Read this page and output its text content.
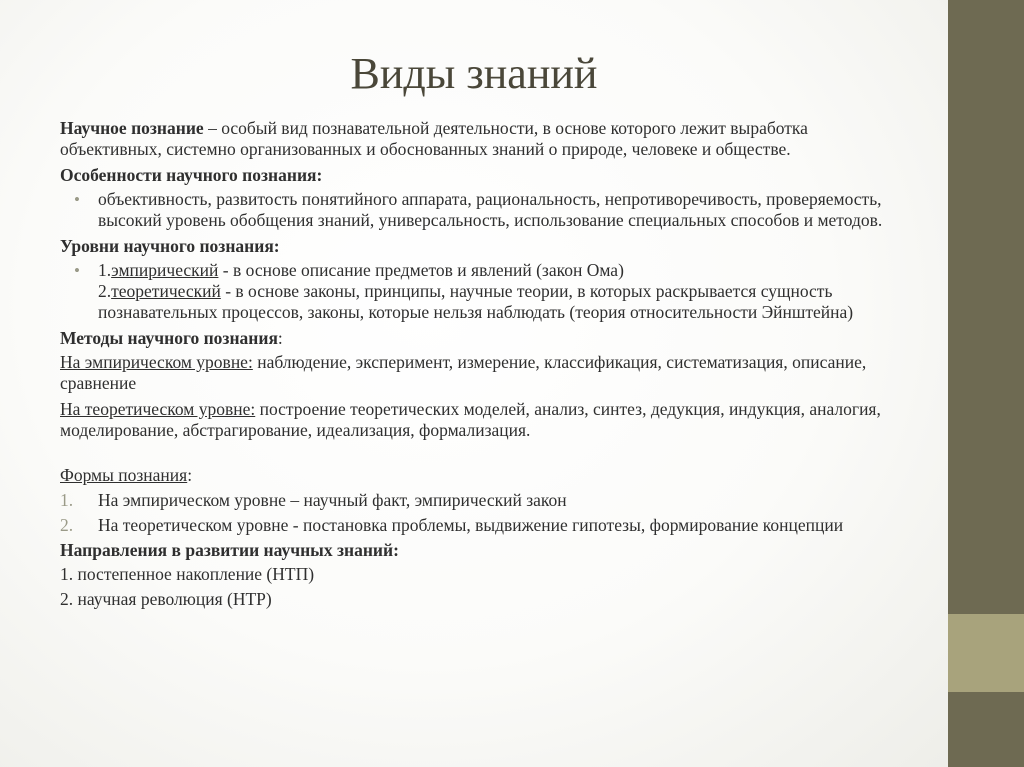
Виды знаний

Научное познание – особый вид познавательной деятельности, в основе которого лежит выработка объективных, системно организованных и обоснованных знаний о природе, человеке и обществе.

Особенности научного познания:

• объективность, развитость понятийного аппарата, рациональность, непротиворечивость, проверяемость, высокий уровень обобщения знаний, универсальность, использование специальных способов и методов.

Уровни научного познания:

• 1.эмпирический - в основе описание предметов и явлений (закон Ома)
2.теоретический - в основе законы, принципы, научные теории, в которых раскрывается сущность познавательных процессов, законы, которые нельзя наблюдать (теория относительности Эйнштейна)

Методы научного познания:

На эмпирическом уровне: наблюдение, эксперимент, измерение, классификация, систематизация, описание, сравнение

На теоретическом уровне: построение теоретических моделей, анализ, синтез, дедукция, индукция, аналогия, моделирование, абстрагирование, идеализация, формализация.

Формы познания:

1. На эмпирическом уровне – научный факт, эмпирический закон
2. На теоретическом уровне - постановка проблемы, выдвижение гипотезы, формирование концепции

Направления в развитии научных знаний:

1. постепенное накопление (НТП)

2. научная революция (НТР)
